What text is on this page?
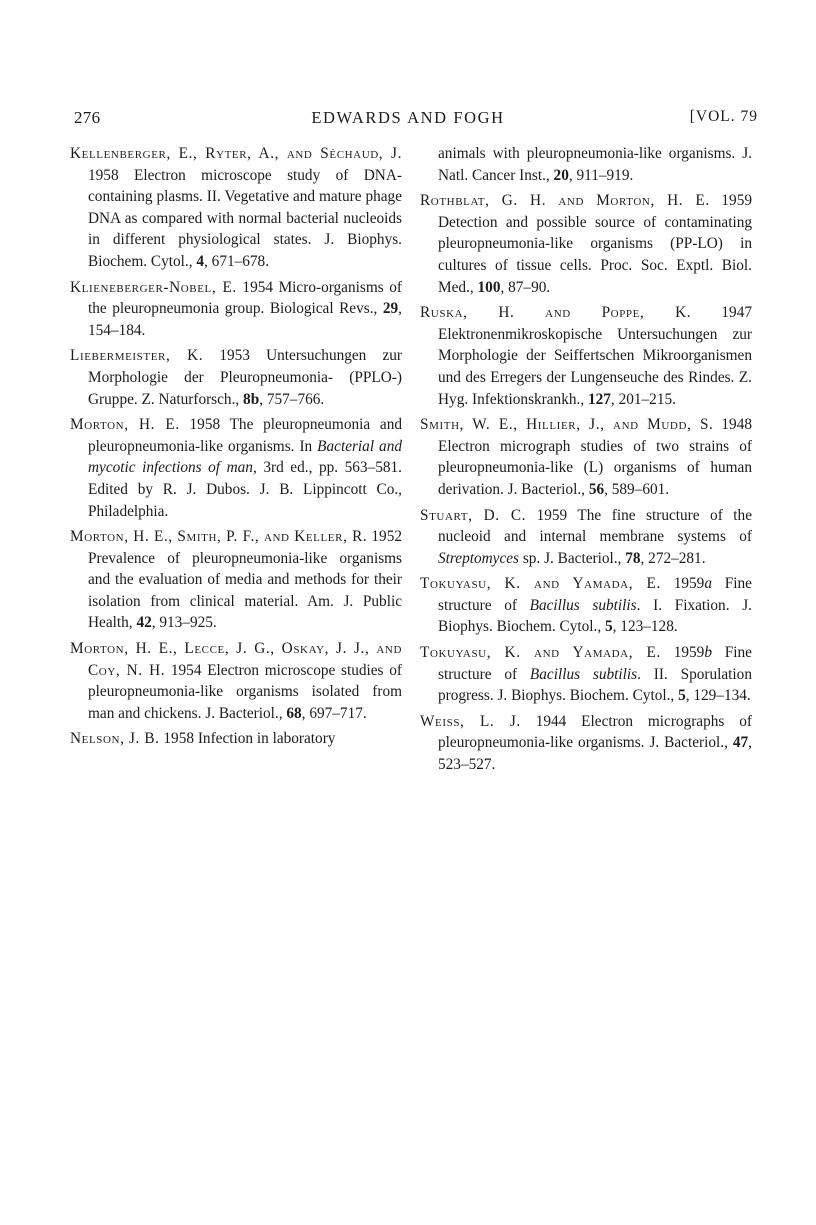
276	EDWARDS AND FOGH	[VOL. 79

Kellenberger, E., Ryter, A., and Séchaud, J. 1958 Electron microscope study of DNA-containing plasms. II. Vegetative and mature phage DNA as compared with normal bacterial nucleoids in different physiological states. J. Biophys. Biochem. Cytol., 4, 671–678.

Klieneberger-Nobel, E. 1954 Micro-organisms of the pleuropneumonia group. Biological Revs., 29, 154–184.

Liebermeister, K. 1953 Untersuchungen zur Morphologie der Pleuropneumonia- (PPLO-) Gruppe. Z. Naturforsch., 8b, 757–766.

Morton, H. E. 1958 The pleuropneumonia and pleuropneumonia-like organisms. In Bacterial and mycotic infections of man, 3rd ed., pp. 563–581. Edited by R. J. Dubos. J. B. Lippincott Co., Philadelphia.

Morton, H. E., Smith, P. F., and Keller, R. 1952 Prevalence of pleuropneumonia-like organisms and the evaluation of media and methods for their isolation from clinical material. Am. J. Public Health, 42, 913–925.

Morton, H. E., Lecce, J. G., Oskay, J. J., and Coy, N. H. 1954 Electron microscope studies of pleuropneumonia-like organisms isolated from man and chickens. J. Bacteriol., 68, 697–717.

Nelson, J. B. 1958 Infection in laboratory

animals with pleuropneumonia-like organisms. J. Natl. Cancer Inst., 20, 911–919.

Rothblat, G. H. and Morton, H. E. 1959 Detection and possible source of contaminating pleuropneumonia-like organisms (PP-LO) in cultures of tissue cells. Proc. Soc. Exptl. Biol. Med., 100, 87–90.

Ruska, H. and Poppe, K. 1947 Elektronenmikroskopische Untersuchungen zur Morphologie der Seiffertschen Mikroorganismen und des Erregers der Lungenseuche des Rindes. Z. Hyg. Infektionskrankh., 127, 201–215.

Smith, W. E., Hillier, J., and Mudd, S. 1948 Electron micrograph studies of two strains of pleuropneumonia-like (L) organisms of human derivation. J. Bacteriol., 56, 589–601.

Stuart, D. C. 1959 The fine structure of the nucleoid and internal membrane systems of Streptomyces sp. J. Bacteriol., 78, 272–281.

Tokuyasu, K. and Yamada, E. 1959a Fine structure of Bacillus subtilis. I. Fixation. J. Biophys. Biochem. Cytol., 5, 123–128.

Tokuyasu, K. and Yamada, E. 1959b Fine structure of Bacillus subtilis. II. Sporulation progress. J. Biophys. Biochem. Cytol., 5, 129–134.

Weiss, L. J. 1944 Electron micrographs of pleuropneumonia-like organisms. J. Bacteriol., 47, 523–527.
